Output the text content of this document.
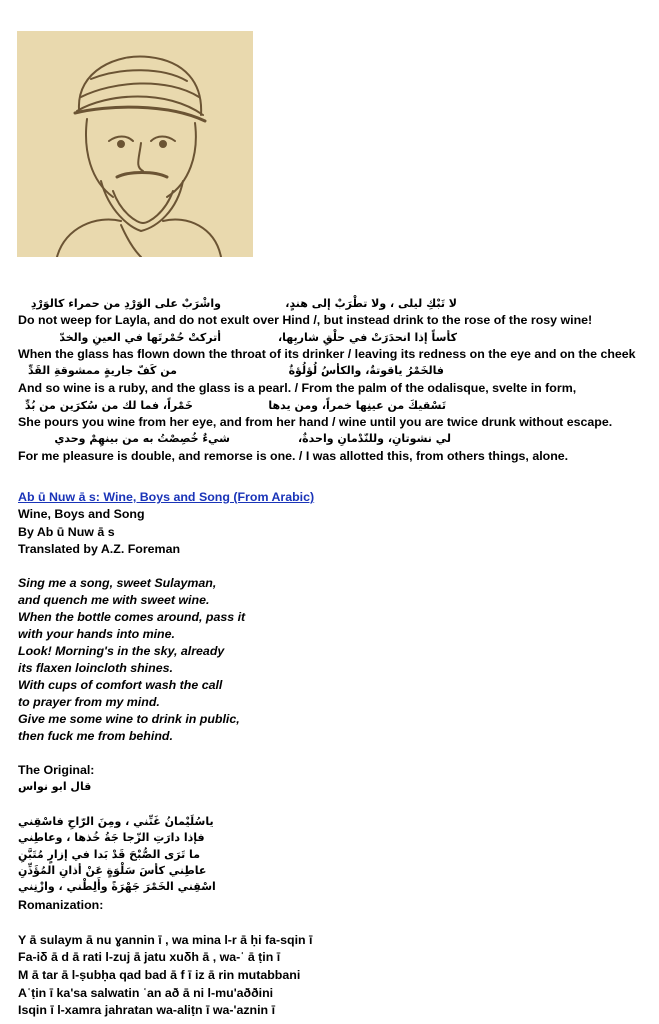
لا تَبْكِ ليلى ، ولا تطْرَبْ إلى هندٍ،
واشْرَبْ على الوَرْدِ من حمراء كالوَرْدِ
Do not weep for Layla, and do not exult over Hind /, but instead drink to the rose of the rosy wine!
كأساً إذا انحدَرَتْ في حلْقِ شاربِها،
أتركتْ حُمْرتَها في العينِ والخدّ
When the glass has flown down the throat of its drinker / leaving its redness on the eye and on the cheek
فالخَمْرُ ياقوتةٌ، والكأسُ لُؤلُؤةٌ
من كَفّ جاريةٍ ممشوقةِ القَدِّ
And so wine is a ruby, and the glass is a pearl. / From the palm of the odalisque, svelte in form,
تَسْقيكَ من عينِها خمراً، ومن يدها
خَمْراً، فما لك من سُكرَين من بُدِّ
She pours you wine from her eye, and from her hand / wine until you are twice drunk without escape.
لي نشوتانِ، وللنّدْمانِ واحدةٌ،
شيءٌ خُصِصْتُ به من بينهِمْ وحدي
For me pleasure is double, and remorse is one. / I was allotted this, from others things, alone.
Ab ū Nuw ā s: Wine, Boys and Song (From Arabic)
Wine, Boys and Song
By Ab ū Nuw ā s
Translated by A.Z. Foreman
Sing me a song, sweet Sulayman,
and quench me with sweet wine.
When the bottle comes around, pass it
with your hands into mine.
Look! Morning's in the sky, already
its flaxen loincloth shines.
With cups of comfort wash the call
to prayer from my mind.
Give me some wine to drink in public,
then fuck me from behind.
The Original:
قال ابو نواس
ياسُلَيْمانُ غَنِّني ، ومِنَ الرّاحِ فاسْقِني
فإذا دارَتِ الزّجا جَةُ خُذها ، وعاطِني
ما تَرَى الصُّبْحَ قَدْ بَدا في إزارٍ مُتَبَّنِ
عاطِني كأسَ سَلْوَةٍ عَنْ أذانِ المُؤَذِّنِ
اسْقِني الخَمْرَ جَهْرَةً وأَلِطْني ، وازْنِني
Romanization:
Y ā sulaym ā nu ɣannin ī , wa mina l-r ā ḥi fa-sqin ī
Fa-iδ ā d ā rati l-zuj ā jatu xuδh ā , wa-ʿ ā ṭin ī
M ā tar ā l-ṣubḥa qad bad ā f ī iz ā rin mutabbani
Aʿṭin ī ka'sa salwatin ʿan að ā ni l-mu'aððini
Isqin ī l-xamra jahratan wa-aliṭn ī wa-'aznin ī
